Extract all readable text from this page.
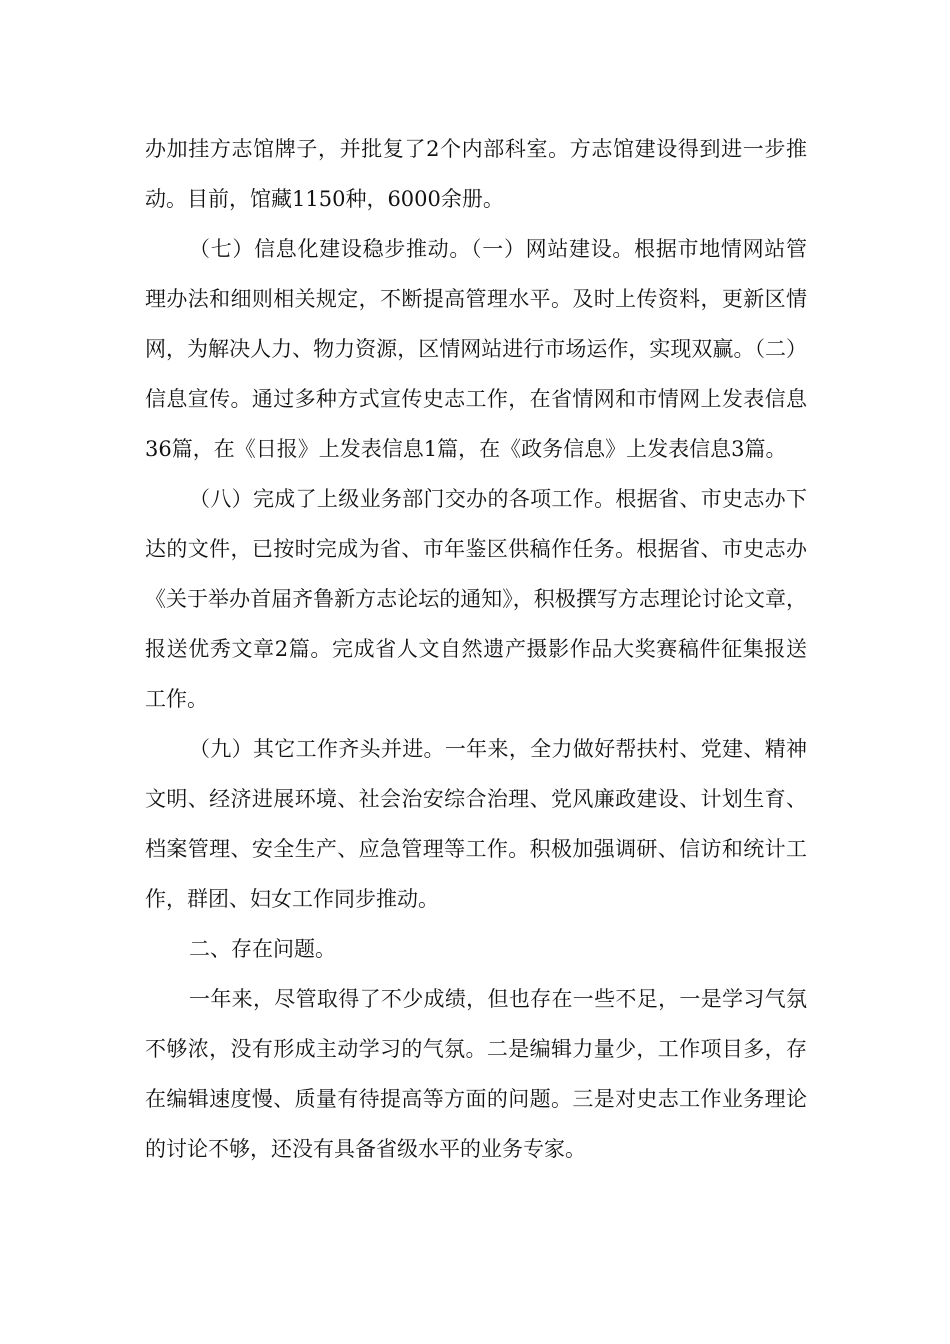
办加挂方志馆牌子，并批复了2个内部科室。方志馆建设得到进一步推动。目前，馆藏1150种，6000余册。

（七）信息化建设稳步推动。（一）网站建设。根据市地情网站管理办法和细则相关规定，不断提高管理水平。及时上传资料，更新区情网，为解决人力、物力资源，区情网站进行市场运作，实现双赢。（二）信息宣传。通过多种方式宣传史志工作，在省情网和市情网上发表信息36篇，在《日报》上发表信息1篇，在《政务信息》上发表信息3篇。

（八）完成了上级业务部门交办的各项工作。根据省、市史志办下达的文件，已按时完成为省、市年鉴区供稿作任务。根据省、市史志办《关于举办首届齐鲁新方志论坛的通知》，积极撰写方志理论讨论文章，报送优秀文章2篇。完成省人文自然遗产摄影作品大奖赛稿件征集报送工作。

（九）其它工作齐头并进。一年来，全力做好帮扶村、党建、精神文明、经济进展环境、社会治安综合治理、党风廉政建设、计划生育、档案管理、安全生产、应急管理等工作。积极加强调研、信访和统计工作，群团、妇女工作同步推动。

二、存在问题。

一年来，尽管取得了不少成绩，但也存在一些不足，一是学习气氛不够浓，没有形成主动学习的气氛。二是编辑力量少，工作项目多，存在编辑速度慢、质量有待提高等方面的问题。三是对史志工作业务理论的讨论不够，还没有具备省级水平的业务专家。
